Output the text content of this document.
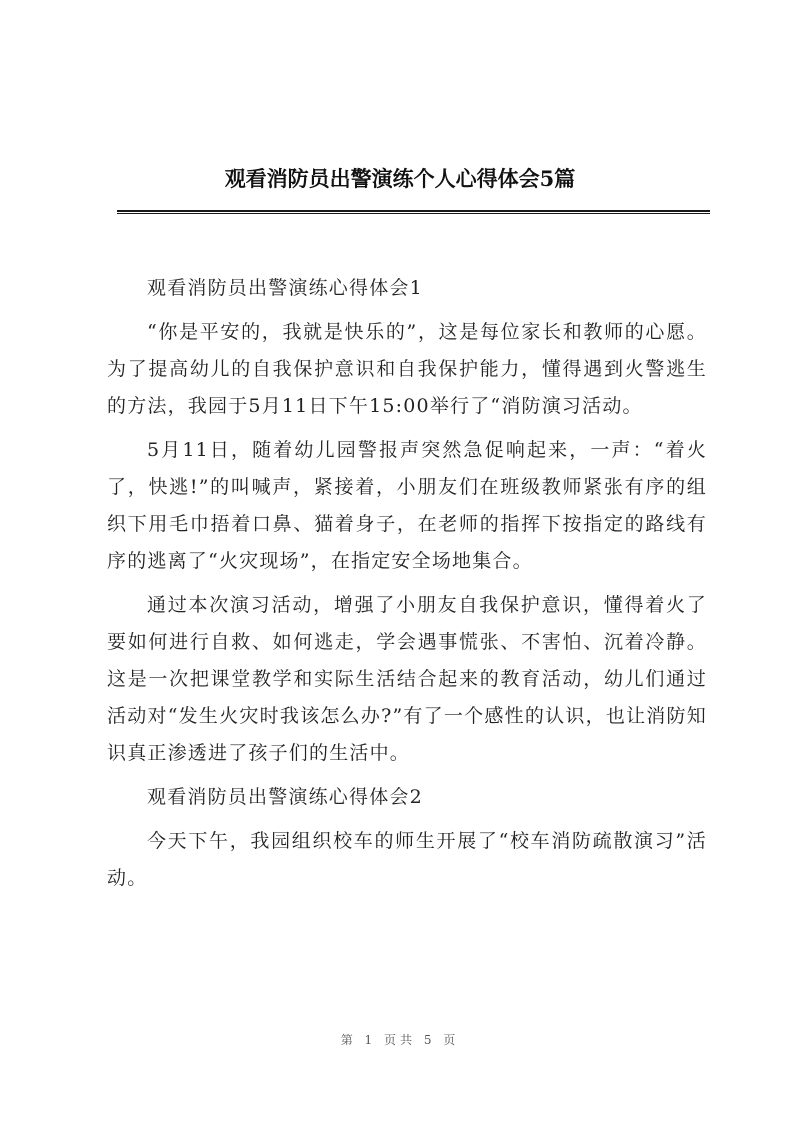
观看消防员出警演练个人心得体会5篇

观看消防员出警演练心得体会1

“你是平安的，我就是快乐的”，这是每位家长和教师的心愿。为了提高幼儿的自我保护意识和自我保护能力，懂得遇到火警逃生的方法，我园于5月11日下午15:00举行了“消防演习活动。

5月11日，随着幼儿园警报声突然急促响起来，一声：“着火了，快逃!”的叫喊声，紧接着，小朋友们在班级教师紧张有序的组织下用毛巾捂着口鼻、猫着身子，在老师的指挥下按指定的路线有序的逃离了“火灾现场”，在指定安全场地集合。

通过本次演习活动，增强了小朋友自我保护意识，懂得着火了要如何进行自救、如何逃走，学会遇事慌张、不害怕、沉着冷静。这是一次把课堂教学和实际生活结合起来的教育活动，幼儿们通过活动对“发生火灾时我该怎么办?”有了一个感性的认识，也让消防知识真正渗透进了孩子们的生活中。

观看消防员出警演练心得体会2

今天下午，我园组织校车的师生开展了“校车消防疏散演习”活动。

第 1 页共 5 页
